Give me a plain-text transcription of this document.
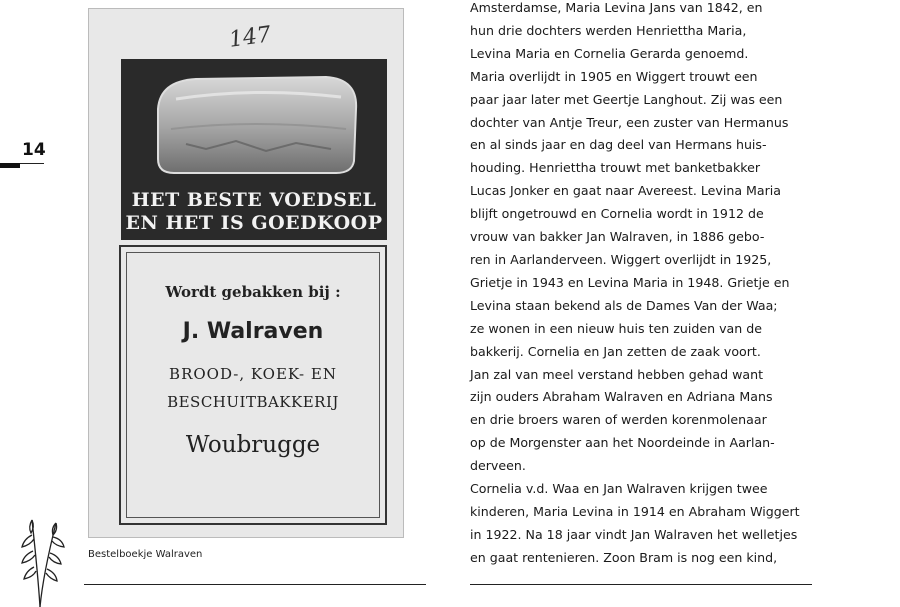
14
147
HET BESTE VOEDSEL
EN HET IS GOEDKOOP
Wordt gebakken bij :
J. Walraven
BROOD-, KOEK- EN
BESCHUITBAKKERIJ
Woubrugge
Bestelboekje Walraven
Amsterdamse, Maria Levina Jans van 1842, en
hun drie dochters werden Henriettha Maria,
Levina Maria en Cornelia Gerarda genoemd.
Maria overlijdt in 1905 en Wiggert trouwt een
paar jaar later met Geertje Langhout. Zij was een
dochter van Antje Treur, een zuster van Hermanus
en al sinds jaar en dag deel van Hermans huis-
houding. Henriettha trouwt met banketbakker
Lucas Jonker en gaat naar Avereest. Levina Maria
blijft ongetrouwd en Cornelia wordt in 1912 de
vrouw van bakker Jan Walraven, in 1886 gebo-
ren in Aarlanderveen. Wiggert overlijdt in 1925,
Grietje in 1943 en Levina Maria in 1948. Grietje en
Levina staan bekend als de Dames Van der Waa;
ze wonen in een nieuw huis ten zuiden van de
bakkerij. Cornelia en Jan zetten de zaak voort.
Jan zal van meel verstand hebben gehad want
zijn ouders Abraham Walraven en Adriana Mans
en drie broers waren of werden korenmolenaar
op de Morgenster aan het Noordeinde in Aarlan-
derveen.
Cornelia v.d. Waa en Jan Walraven krijgen twee
kinderen, Maria Levina in 1914 en Abraham Wiggert
in 1922. Na 18 jaar vindt Jan Walraven het welletjes
en gaat rentenieren. Zoon Bram is nog een kind,
